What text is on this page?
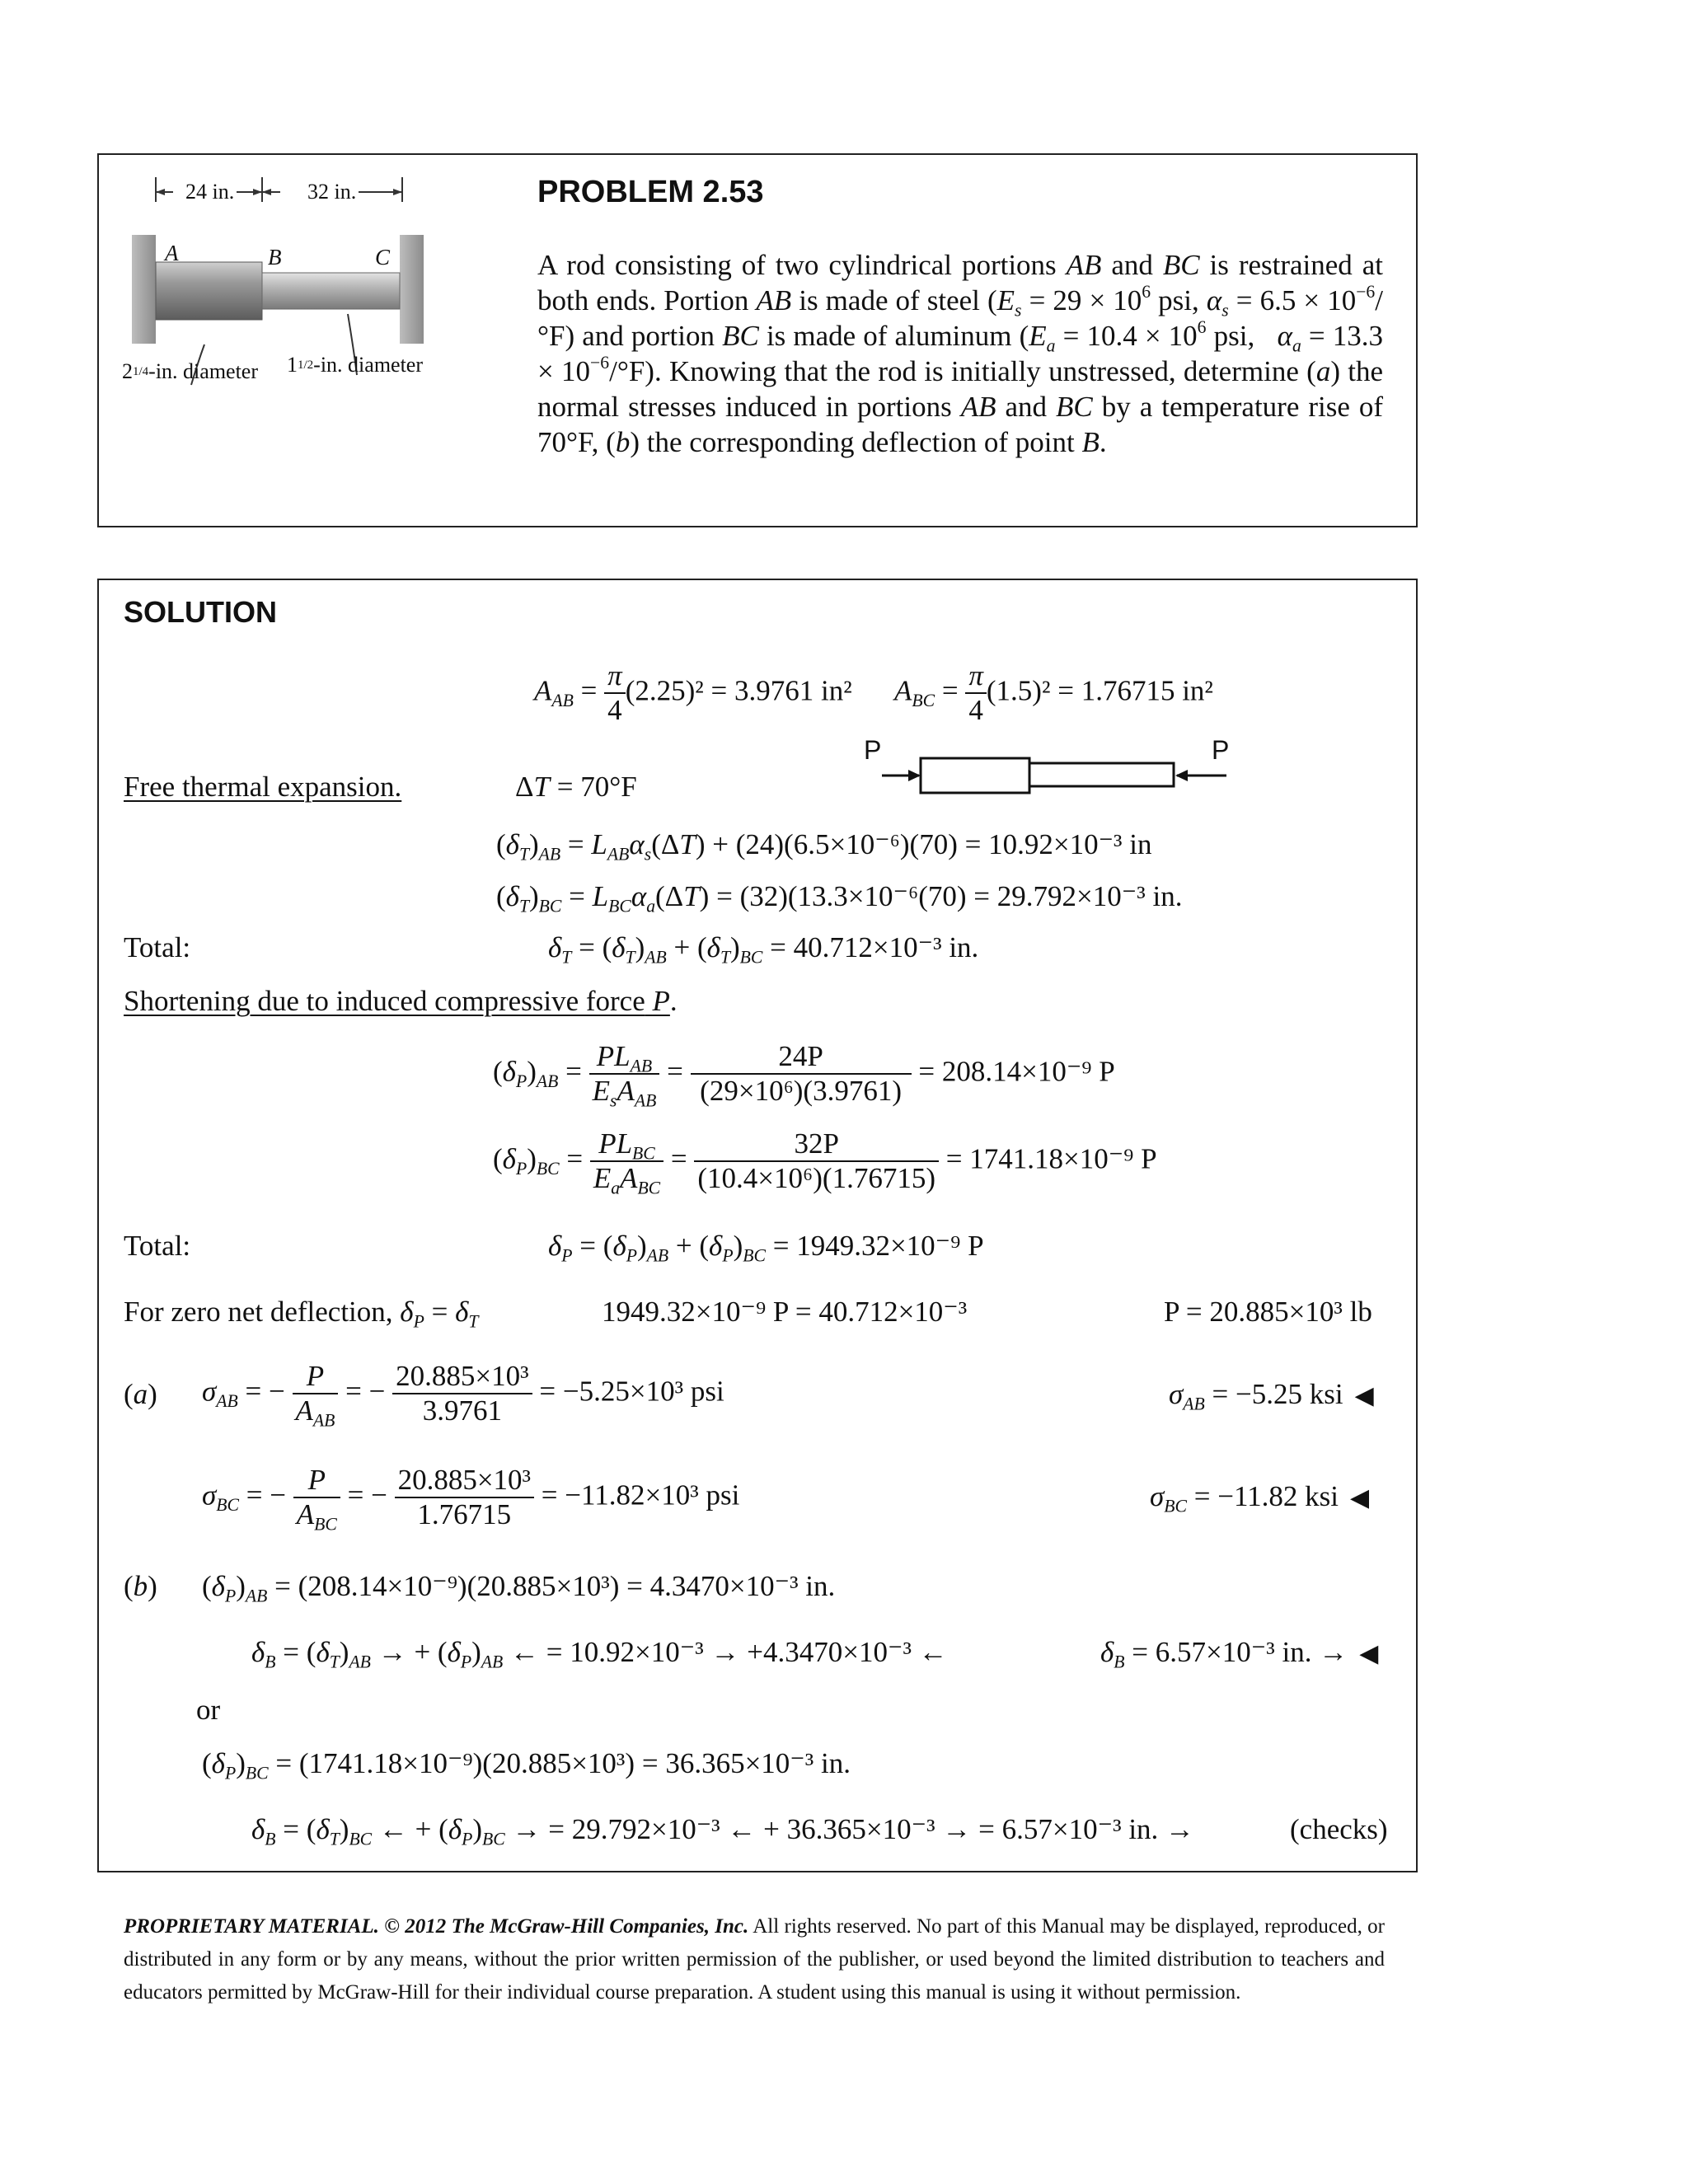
24 in.	32 in.
A	B	C
21/4-in. diameter 11/2-in. diameter
PROBLEM 2.53
A rod consisting of two cylindrical portions AB and BC is restrained at both ends. Portion AB is made of steel ($E_s = 29 \times 10^6$ psi, $\alpha_s = 6.5 \times 10^{-6}/^\circ F$) and portion BC is made of aluminum ($E_a = 10.4 \times 10^6$ psi,   $\alpha_a = 13.3 \times 10^{-6}/^\circ F$). Knowing that the rod is initially unstressed, determine (a) the normal stresses induced in portions AB and BC by a temperature rise of 70°F, (b) the corresponding deflection of point B.
SOLUTION
$A_{AB} = \frac{\pi}{4} (2.25)^2 = 3.9761$ in² $A_{BC} = \frac{\pi}{4} (1.5)^2 = 1.76715$ in²
P	P
Free thermal expansion.	ΔT = 70°F
$(\delta_T)_{AB} = L_{AB}\alpha_s(\Delta T) + (24)(6.5\times 10^{-6})(70) = 10.92\times 10^{-3}$ in
$(\delta_T)_{BC} = L_{BC}\alpha_a(\Delta T) = (32)(13.3\times 10^{-6}(70) = 29.792\times 10^{-3}$ in.
Total:	$\delta_T = (\delta_T)_{AB} + (\delta_T)_{BC} = 40.712\times 10^{-3}$ in.
Shortening due to induced compressive force P.
$(\delta_P)_{AB} = \frac{PL_{AB}}{E_sA_{AB}} = \frac{24P}{\text{(29×10⁶)(3.9761)}} = 208.14\times 10^{-9}$ P
$(\delta_P)_{BC} = \frac{PL_{BC}}{E_aA_{BC}} = \frac{32P}{\text{(10.4×10⁶)(1.76715)}} = 1741.18\times 10^{-9}$ P
Total:	$\delta_P = (\delta_P)_{AB} + (\delta_P)_{BC} = 1949.32\times 10^{-9}$ P
For zero net deflection, $\delta_P = \delta_T$	1949.32×10⁻⁹ P = 40.712×10⁻³	P = 20.885×10³ lb
(a) $\sigma_{AB}$ = − $\frac{P}{A_{AB}}$ = − $\frac{\text{20.885×10³}}{3.9761} = -5.25\times 10^3$ psi	$\sigma_{AB} = -5.25$ ksi ◀
$\sigma_{BC}$ = − $\frac{P}{A_{BC}}$ = − $\frac{\text{20.885×10³}}{1.76715} = -11.82\times 10^3$ psi	$\sigma_{BC} = -11.82$ ksi ◀
(b) $(\delta_P)_{AB} = (208.14\times 10^{-9})(20.885\times 10^3) = 4.3470\times 10^{-3}$ in.
$\delta_B = (\delta_T)_{AB}$ → + $(\delta_P)_{AB}$ ← = 10.92×10⁻³ → +4.3470×10⁻³ ←	$\delta_B = 6.57\times 10^{-3}$ in. → ◀
or
$(\delta_P)_{BC} = (1741.18\times 10^{-9})(20.885\times 10^3) = 36.365\times 10^{-3}$ in.
$\delta_B = (\delta_T)_{BC}$ ← + $(\delta_P)_{BC}$ → = 29.792×10⁻³ ← + 36.365×10⁻³ → = 6.57×10⁻³ in. →	(checks)
PROPRIETARY MATERIAL. © 2012 The McGraw-Hill Companies, Inc. All rights reserved. No part of this Manual may be displayed, reproduced, or distributed in any form or by any means, without the prior written permission of the publisher, or used beyond the limited distribution to teachers and educators permitted by McGraw-Hill for their individual course preparation. A student using this manual is using it without permission.
